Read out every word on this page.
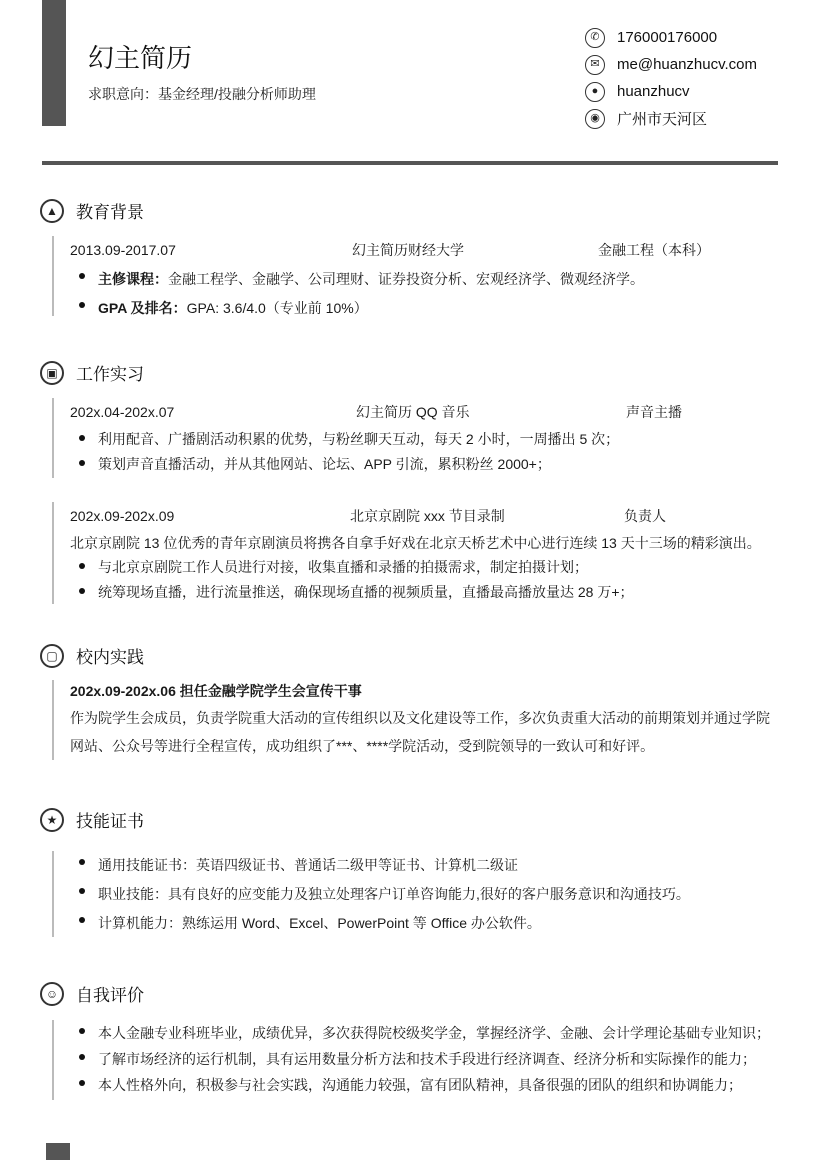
幻主简历
求职意向：基金经理/投融分析师助理
✆	176000176000
✉	me@huanzhucv.com
●	huanzhucv
◉	广州市天河区
▲	教育背景
2013.09-2017.07	幻主简历财经大学	金融工程（本科）
主修课程：金融工程学、金融学、公司理财、证券投资分析、宏观经济学、微观经济学。
GPA 及排名：GPA: 3.6/4.0（专业前 10%）
▣	工作实习
202x.04-202x.07	幻主简历 QQ 音乐	声音主播
利用配音、广播剧活动积累的优势，与粉丝聊天互动，每天 2 小时，一周播出 5 次；
策划声音直播活动，并从其他网站、论坛、APP 引流，累积粉丝 2000+；
202x.09-202x.09	北京京剧院 xxx 节目录制	负责人
北京京剧院 13 位优秀的青年京剧演员将携各自拿手好戏在北京天桥艺术中心进行连续 13 天十三场的精彩演出。
与北京京剧院工作人员进行对接，收集直播和录播的拍摄需求，制定拍摄计划；
统筹现场直播，进行流量推送，确保现场直播的视频质量，直播最高播放量达 28 万+；
▢	校内实践
202x.09-202x.06 担任金融学院学生会宣传干事
作为院学生会成员，负责学院重大活动的宣传组织以及文化建设等工作，多次负责重大活动的前期策划并通过学院网站、公众号等进行全程宣传，成功组织了***、****学院活动，受到院领导的一致认可和好评。
★	技能证书
通用技能证书：英语四级证书、普通话二级甲等证书、计算机二级证
职业技能：具有良好的应变能力及独立处理客户订单咨询能力,很好的客户服务意识和沟通技巧。
计算机能力：熟练运用 Word、Excel、PowerPoint 等 Office 办公软件。
☺	自我评价
本人金融专业科班毕业，成绩优异，多次获得院校级奖学金，掌握经济学、金融、会计学理论基础专业知识；
了解市场经济的运行机制，具有运用数量分析方法和技术手段进行经济调查、经济分析和实际操作的能力；
本人性格外向，积极参与社会实践，沟通能力较强，富有团队精神，具备很强的团队的组织和协调能力；
